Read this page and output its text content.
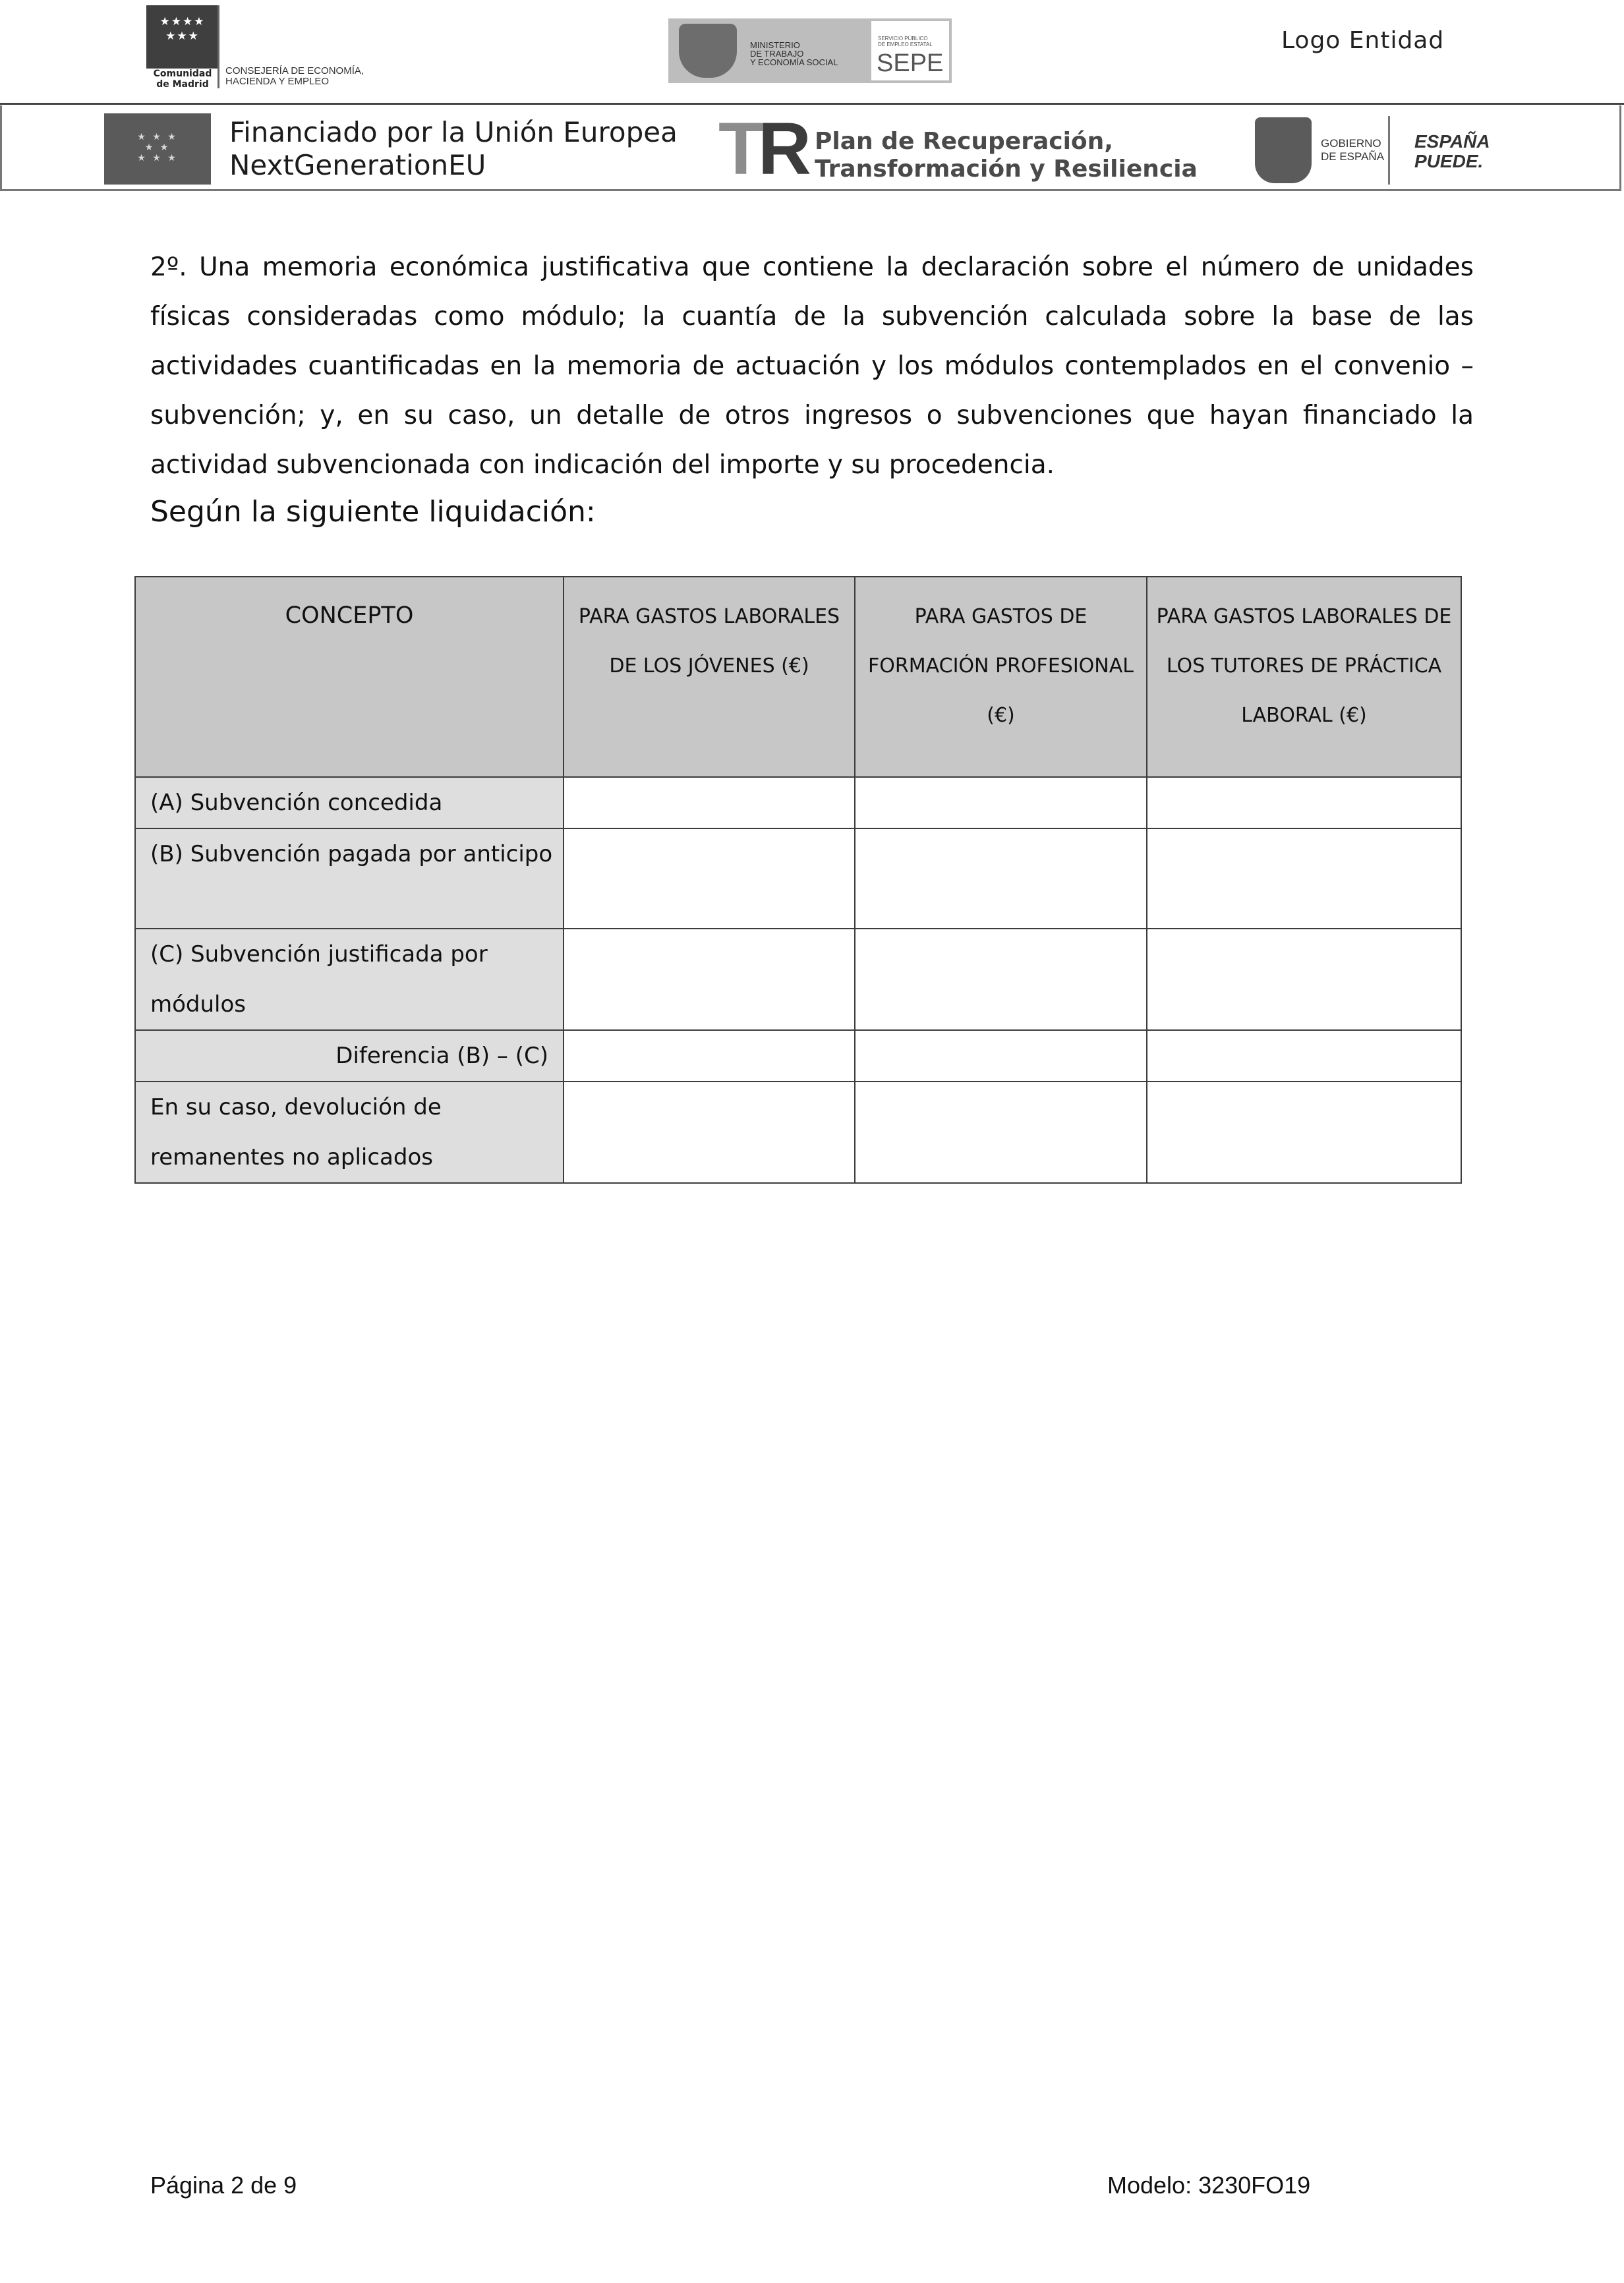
★★★★
★★★
Comunidad
de Madrid
CONSEJERÍA DE ECONOMÍA,
HACIENDA Y EMPLEO
MINISTERIO
DE TRABAJO
Y ECONOMÍA SOCIAL
SERVICIO PÚBLICO
DE EMPLEO ESTATAL
SEPE
Logo Entidad
★ ★ ★
★ ★
★ ★ ★
Financiado por la Unión Europea
NextGenerationEU	T
R Plan de Recuperación,
Transformación y Resiliencia
GOBIERNO
DE ESPAÑA
ESPAÑA
PUEDE.
2º. Una memoria económica justificativa que contiene la declaración sobre el número de unidades físicas consideradas como módulo; la cuantía de la subvención calculada sobre la base de las actividades cuantificadas en la memoria de actuación y los módulos contemplados en el convenio –subvención; y, en su caso, un detalle de otros ingresos o subvenciones que hayan financiado la actividad subvencionada con indicación del importe y su procedencia.
Según la siguiente liquidación:
CONCEPTO	PARA GASTOS LABORALES DE LOS JÓVENES (€)	PARA GASTOS DE FORMACIÓN PROFESIONAL (€)	PARA GASTOS LABORALES DE LOS TUTORES DE PRÁCTICA LABORAL (€)
(A) Subvención concedida			
(B) Subvención pagada por anticipo			
(C) Subvención justificada por módulos			
Diferencia (B) – (C)			
En su caso, devolución de remanentes no aplicados			
Página 2 de 9	Modelo: 3230FO19
